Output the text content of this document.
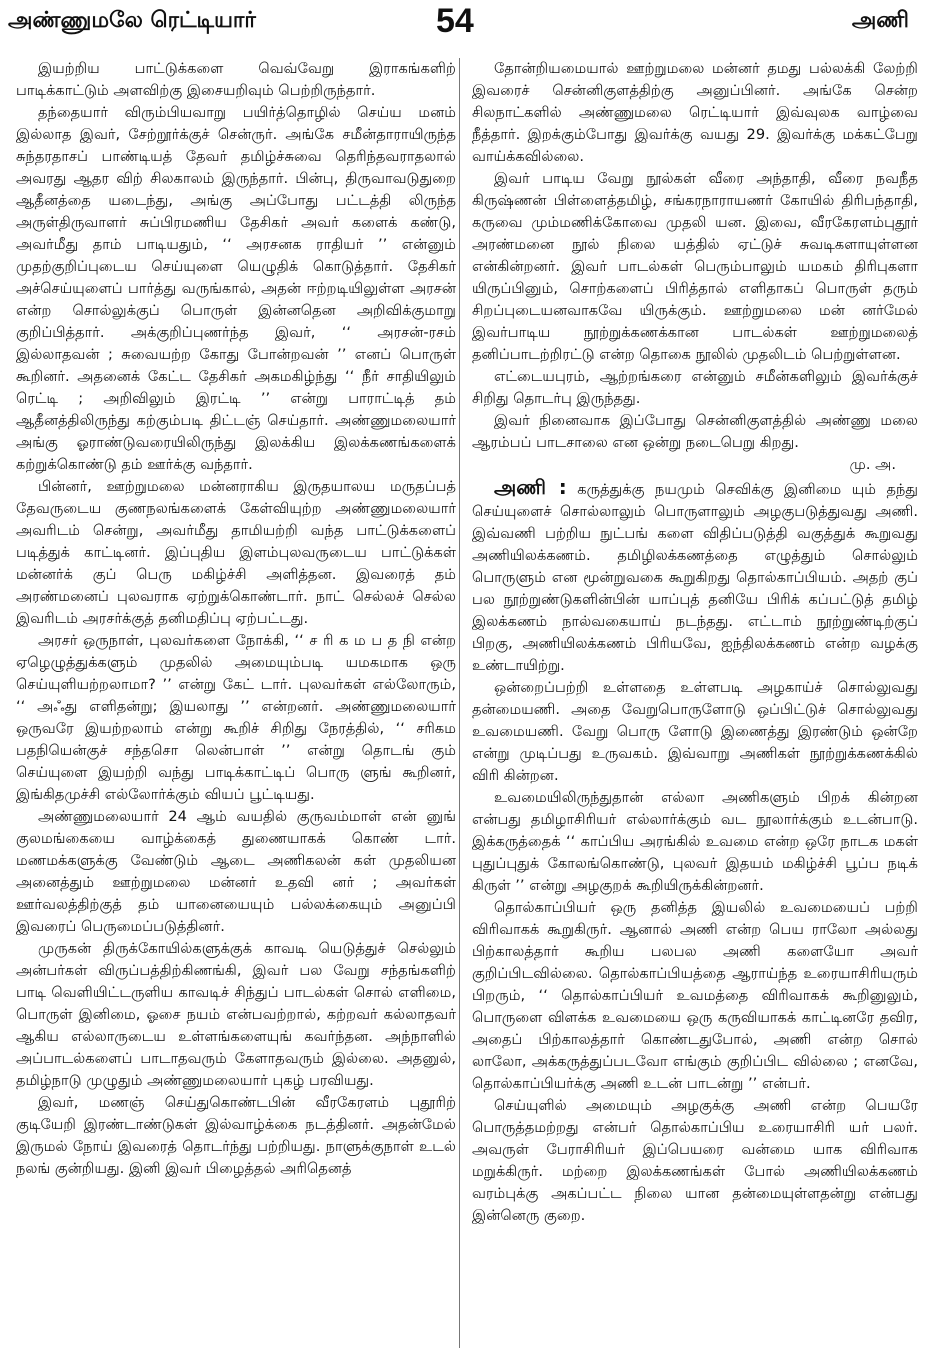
அண்ணுமலே ரெட்டியார்	54	அணி

இயற்றிய பாட்டுக்களை வெவ்வேறு இராகங்களிற் பாடிக்காட்டும் அளவிற்கு இசையறிவும் பெற்றிருந்தார்.

தந்தையார் விரும்பியவாறு பயிர்த்தொழில் செய்ய மனம் இல்லாத இவர், சேற்றூர்க்குச் சென்ருர். அங்கே சமீன்தாராயிருந்த சுந்தரதாசப் பாண்டியத் தேவர் தமிழ்ச்சுவை தெரிந்தவராதலால் அவரது ஆதர விற் சிலகாலம் இருந்தார். பின்பு, திருவாவடுதுறை ஆதீனத்தை யடைந்து, அங்கு அப்போது பட்டத்தி லிருந்த அருள்திருவாளர் சுப்பிரமணிய தேசிகர் அவர் களைக் கண்டு, அவர்மீது தாம் பாடியதும், ‘‘ அரசனக ராதியர் ’’ என்னும் முதற்குறிப்புடைய செய்யுளை யெழுதிக் கொடுத்தார். தேசிகர் அச்செய்யுளைப் பார்த்து வருங்கால், அதன் ஈற்றடியிலுள்ள அரசன் என்ற சொல்லுக்குப் பொருள் இன்னதென அறிவிக்குமாறு குறிப்பித்தார். அக்குறிப்புணர்ந்த இவர், ‘‘ அரசன்-ரசம் இல்லாதவன் ; சுவையற்ற கோது போன்றவன் ’’ எனப் பொருள் கூறினர். அதனைக் கேட்ட தேசிகர் அகமகிழ்ந்து ‘‘ நீர் சாதியிலும் ரெட்டி ; அறிவிலும் இரட்டி ’’ என்று பாராட்டித் தம் ஆதீனத்திலிருந்து கற்கும்படி திட்டஞ் செய்தார். அண்ணுமலையார் அங்கு ஓராண்டுவரையிலிருந்து இலக்கிய இலக்கணங்களைக் கற்றுக்கொண்டு தம் ஊர்க்கு வந்தார்.

பின்னர், ஊற்றுமலை மன்னராகிய இருதயாலய மருதப்பத் தேவருடைய குணநலங்களைக் கேள்வியுற்ற அண்ணுமலையார் அவரிடம் சென்று, அவர்மீது தாமியற்றி வந்த பாட்டுக்களைப் படித்துக் காட்டினர். இப்புதிய இளம்புலவருடைய பாட்டுக்கள் மன்னர்க் குப் பெரு மகிழ்ச்சி அளித்தன. இவரைத் தம் அரண்மனைப் புலவராக ஏற்றுக்கொண்டார். நாட் செல்லச் செல்ல இவரிடம் அரசர்க்குத் தனிமதிப்பு ஏற்பட்டது.

அரசர் ஒருநாள், புலவர்களை நோக்கி, ‘‘ ச ரி க ம ப த நி என்ற ஏழெழுத்துக்களும் முதலில் அமையும்படி யமகமாக ஒரு செய்யுளியற்றலாமா? ’’ என்று கேட் டார். புலவர்கள் எல்லோரும், ‘‘ அஃது எளிதன்று; இயலாது ’’ என்றனர். அண்ணுமலையார் ஒருவரே இயற்றலாம் என்று கூறிச் சிறிது நேரத்தில், ‘‘ சரிகம பதநியென்குச் சந்தசொ லென்பாள் ’’ என்று தொடங் கும் செய்யுளை இயற்றி வந்து பாடிக்காட்டிப் பொரு ளுங் கூறினர், இங்கிதமுச்சி எல்லோர்க்கும் வியப் பூட்டியது.

அண்ணுமலையார் 24 ஆம் வயதில் குருவம்மாள் என் னுங் குலமங்கையை வாழ்க்கைத் துணையாகக் கொண் டார். மணமக்களுக்கு வேண்டும் ஆடை அணிகலன் கள் முதலியன அனைத்தும் ஊற்றுமலை மன்னர் உதவி னர் ; அவர்கள் ஊர்வலத்திற்குத் தம் யானையையும் பல்லக்கையும் அனுப்பி இவரைப் பெருமைப்படுத்தினர்.

முருகன் திருக்கோயில்களுக்குக் காவடி யெடுத்துச் செல்லும் அன்பர்கள் விருப்பத்திற்கிணங்கி, இவர் பல வேறு சந்தங்களிற் பாடி வெளியிட்டருளிய காவடிச் சிந்துப் பாடல்கள் சொல் எளிமை, பொருள் இனிமை, ஓசை நயம் என்பவற்றால், கற்றவர் கல்லாதவர் ஆகிய எல்லாருடைய உள்ளங்களையுங் கவர்ந்தன. அந்நாளில் அப்பாடல்களைப் பாடாதவரும் கேளாதவரும் இல்லை. அதனுல், தமிழ்நாடு முழுதும் அண்ணுமலையார் புகழ் பரவியது.

இவர், மணஞ் செய்துகொண்டபின் வீரகேரளம் புதூரிற் குடியேறி இரண்டாண்டுகள் இல்வாழ்க்கை நடத்தினர். அதன்மேல் இருமல் நோய் இவரைத் தொடர்ந்து பற்றியது. நாளுக்குநாள் உடல் நலங் குன்றியது. இனி இவர் பிழைத்தல் அரிதெனத்

தோன்றியமையால் ஊற்றுமலை மன்னர் தமது பல்லக்கி லேற்றி இவரைச் சென்னிகுளத்திற்கு அனுப்பினர். அங்கே சென்ற சிலநாட்களில் அண்ணுமலை ரெட்டியார் இவ்வுலக வாழ்வை நீத்தார். இறக்கும்போது இவர்க்கு வயது 29. இவர்க்கு மக்கட்பேறு வாய்க்கவில்லை.

இவர் பாடிய வேறு நூல்கள் வீரை அந்தாதி, வீரை நவநீத கிருஷ்ணன் பிள்ளைத்தமிழ், சங்கரநாராயணர் கோயில் திரிபந்தாதி, கருவை மும்மணிக்கோவை முதலி யன. இவை, வீரகேரளம்புதூர் அரண்மனை நூல் நிலை யத்தில் ஏட்டுச் சுவடிகளாயுள்ளன என்கின்றனர். இவர் பாடல்கள் பெரும்பாலும் யமகம் திரிபுகளா யிருப்பினும், சொற்களைப் பிரித்தால் எளிதாகப் பொருள் தரும் சிறப்புடையனவாகவே யிருக்கும். ஊற்றுமலை மன் னர்மேல் இவர்பாடிய நூற்றுக்கணக்கான பாடல்கள் ஊற்றுமலைத் தனிப்பாடற்றிரட்டு என்ற தொகை நூலில் முதலிடம் பெற்றுள்ளன.

எட்டையபுரம், ஆற்றங்கரை என்னும் சமீன்களிலும் இவர்க்குச் சிறிது தொடர்பு இருந்தது.

இவர் நினைவாக இப்போது சென்னிகுளத்தில் அண்ணு மலை ஆரம்பப் பாடசாலை என ஒன்று நடைபெறு கிறது.

மு. அ.

அணி : கருத்துக்கு நயமும் செவிக்கு இனிமை யும் தந்து செய்யுளைச் சொல்லாலும் பொருளாலும் அழகுபடுத்துவது அணி. இவ்வணி பற்றிய நுட்பங் களை விதிப்படுத்தி வகுத்துக் கூறுவது அணியிலக்கணம். தமிழிலக்கணத்தை எழுத்தும் சொல்லும் பொருளும் என மூன்றுவகை கூறுகிறது தொல்காப்பியம். அதற் குப் பல நூற்றுண்டுகளின்பின் யாப்புத் தனியே பிரிக் கப்பட்டுத் தமிழ் இலக்கணம் நால்வகையாய் நடந்தது. எட்டாம் நூற்றுண்டிற்குப் பிறகு, அணியிலக்கணம் பிரியவே, ஐந்திலக்கணம் என்ற வழக்கு உண்டாயிற்று.

ஒன்றைப்பற்றி உள்ளதை உள்ளபடி அழகாய்ச் சொல்லுவது தன்மையணி. அதை வேறுபொருளோடு ஒப்பிட்டுச் சொல்லுவது உவமையணி. வேறு பொரு ளோடு இணைத்து இரண்டும் ஒன்றே என்று முடிப்பது உருவகம். இவ்வாறு அணிகள் நூற்றுக்கணக்கில் விரி கின்றன.

உவமையிலிருந்துதான் எல்லா அணிகளும் பிறக் கின்றன என்பது தமிழாசிரியர் எல்லார்க்கும் வட நூலார்க்கும் உடன்பாடு. இக்கருத்தைக் ‘‘ காப்பிய அரங்கில் உவமை என்ற ஒரே நாடக மகள் புதுப்புதுக் கோலங்கொண்டு, புலவர் இதயம் மகிழ்ச்சி பூப்ப நடிக் கிருள் ’’ என்று அழகுறக் கூறியிருக்கின்றனர்.

தொல்காப்பியர் ஒரு தனித்த இயலில் உவமையைப் பற்றி விரிவாகக் கூறுகிருர். ஆனால் அணி என்ற பெய ராலோ அல்லது பிற்காலத்தார் கூறிய பலபல அணி களையோ அவர் குறிப்பிடவில்லை. தொல்காப்பியத்தை ஆராய்ந்த உரையாசிரியரும் பிறரும், ‘‘ தொல்காப்பியர் உவமத்தை விரிவாகக் கூறினுலும், பொருளை விளக்க உவமையை ஒரு கருவியாகக் காட்டினரே தவிர, அதைப் பிற்காலத்தார் கொண்டதுபோல், அணி என்ற சொல் லாலோ, அக்கருத்துப்படவோ எங்கும் குறிப்பிட வில்லை ; எனவே, தொல்காப்பியர்க்கு அணி உடன் பாடன்று ’’ என்பர்.

செய்யுளில் அமையும் அழகுக்கு அணி என்ற பெயரே பொருத்தமற்றது என்பர் தொல்காப்பிய உரையாசிரி யர் பலர். அவருள் பேராசிரியர் இப்பெயரை வன்மை யாக விரிவாக மறுக்கிருர். மற்றை இலக்கணங்கள் போல் அணியிலக்கணம் வரம்புக்கு அகப்பட்ட நிலை யான தன்மையுள்ளதன்று என்பது இன்னெரு குறை.
